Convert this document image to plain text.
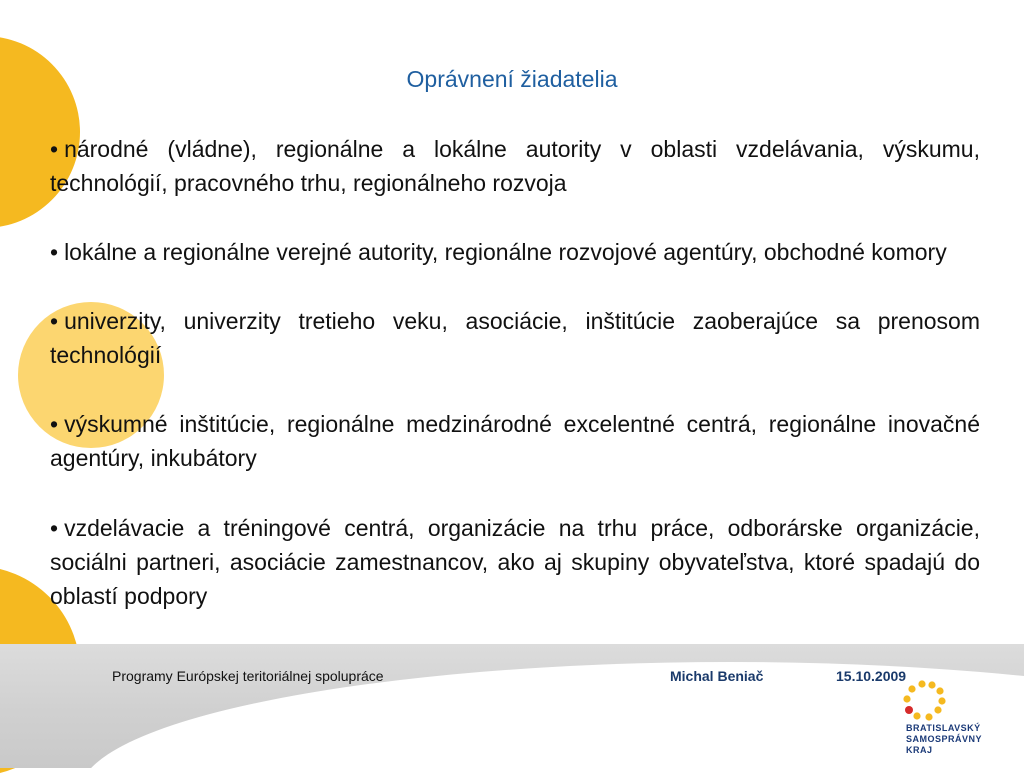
Oprávnení žiadatelia
• národné (vládne), regionálne a lokálne autority v oblasti vzdelávania, výskumu, technológií, pracovného trhu, regionálneho rozvoja
• lokálne a regionálne verejné autority, regionálne rozvojové agentúry, obchodné komory
• univerzity, univerzity tretieho veku, asociácie, inštitúcie zaoberajúce sa prenosom technológií
• výskumné inštitúcie, regionálne medzinárodné excelentné centrá, regionálne inovačné agentúry, inkubátory
• vzdelávacie a tréningové centrá, organizácie na trhu práce, odborárske organizácie, sociálni partneri, asociácie zamestnancov, ako aj skupiny obyvateľstva, ktoré spadajú do oblastí podpory
Programy Európskej teritoriálnej spolupráce	Michal Beniač	15.10.2009
BRATISLAVSKÝ
SAMOSPRÁVNY
KRAJ
